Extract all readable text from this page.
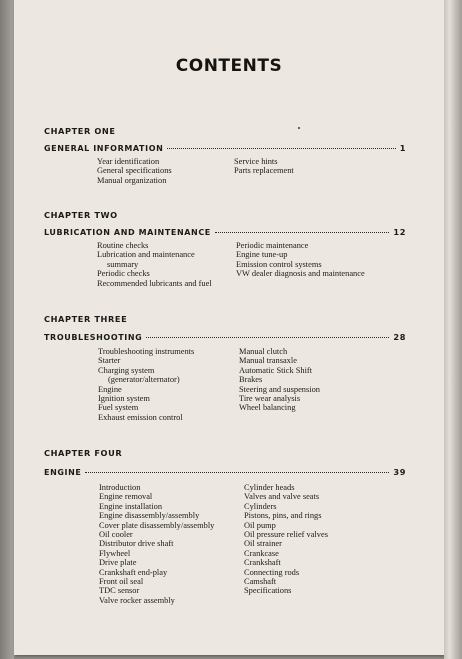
CONTENTS
CHAPTER ONE
GENERAL INFORMATION	1
Year identification
General specifications
Manual organization
Service hints
Parts replacement
CHAPTER TWO
LUBRICATION AND MAINTENANCE	12
Routine checks
Lubrication and maintenance
summary
Periodic checks
Recommended lubricants and fuel
Periodic maintenance
Engine tune-up
Emission control systems
VW dealer diagnosis and maintenance
CHAPTER THREE
TROUBLESHOOTING	28
Troubleshooting instruments
Starter
Charging system
(generator/alternator)
Engine
Ignition system
Fuel system
Exhaust emission control
Manual clutch
Manual transaxle
Automatic Stick Shift
Brakes
Steering and suspension
Tire wear analysis
Wheel balancing
CHAPTER FOUR
ENGINE	39
Introduction
Engine removal
Engine installation
Engine disassembly/assembly
Cover plate disassembly/assembly
Oil cooler
Distributor drive shaft
Flywheel
Drive plate
Crankshaft end-play
Front oil seal
TDC sensor
Valve rocker assembly
Cylinder heads
Valves and valve seats
Cylinders
Pistons, pins, and rings
Oil pump
Oil pressure relief valves
Oil strainer
Crankcase
Crankshaft
Connecting rods
Camshaft
Specifications
